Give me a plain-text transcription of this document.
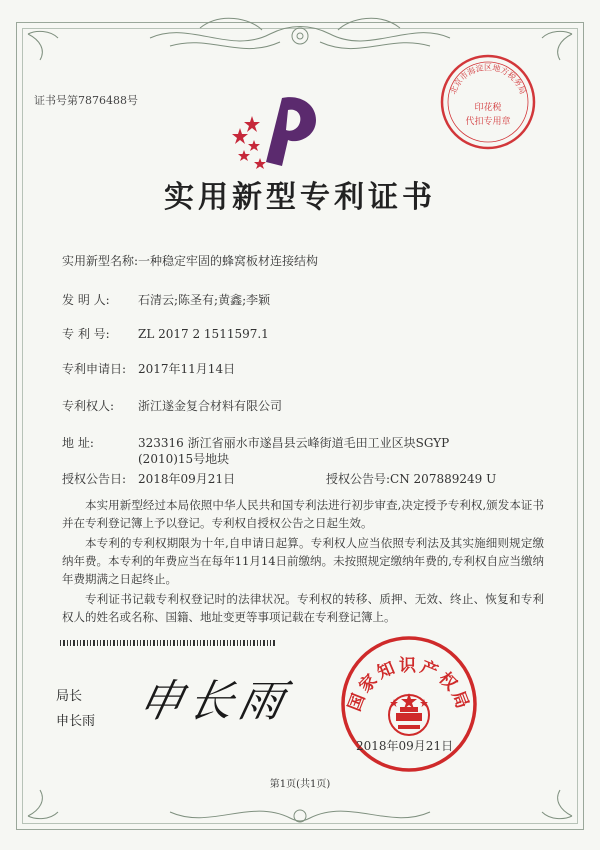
证书号第7876488号
北京市海淀区地方税务局
印花税
代扣专用章
实用新型专利证书
实用新型名称:一种稳定牢固的蜂窝板材连接结构
发 明 人: 石清云;陈圣有;黄鑫;李颖
专 利 号: ZL 2017 2 1511597.1
专利申请日: 2017年11月14日
专利权人: 浙江遂金复合材料有限公司
地 址:	323316 浙江省丽水市遂昌县云峰街道毛田工业区块SGYP
(2010)15号地块
授权公告日: 2018年09月21日	授权公告号:CN 207889249 U

本实用新型经过本局依照中华人民共和国专利法进行初步审查,决定授予专利权,颁发本证书并在专利登记簿上予以登记。专利权自授权公告之日起生效。

本专利的专利权期限为十年,自申请日起算。专利权人应当依照专利法及其实施细则规定缴纳年费。本专利的年费应当在每年11月14日前缴纳。未按照规定缴纳年费的,专利权自应当缴纳年费期满之日起终止。

专利证书记载专利权登记时的法律状况。专利权的转移、质押、无效、终止、恢复和专利权人的姓名或名称、国籍、地址变更等事项记载在专利登记簿上。

局长
申长雨 申长雨	国家知识产权局
2018年09月21日
第1页(共1页)
